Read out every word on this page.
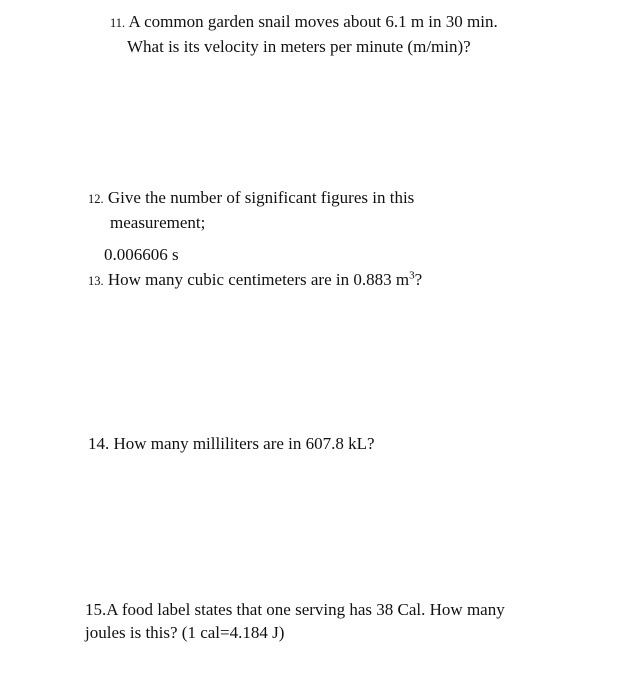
11. A common garden snail moves about 6.1 m in 30 min.
What is its velocity in meters per minute (m/min)?
12. Give the number of significant figures in this
measurement;
0.006606 s
13. How many cubic centimeters are in 0.883 $m^3$?
14. How many milliliters are in 607.8 kL?
15.A food label states that one serving has 38 Cal. How many
joules is this? (1 cal=4.184 J)
